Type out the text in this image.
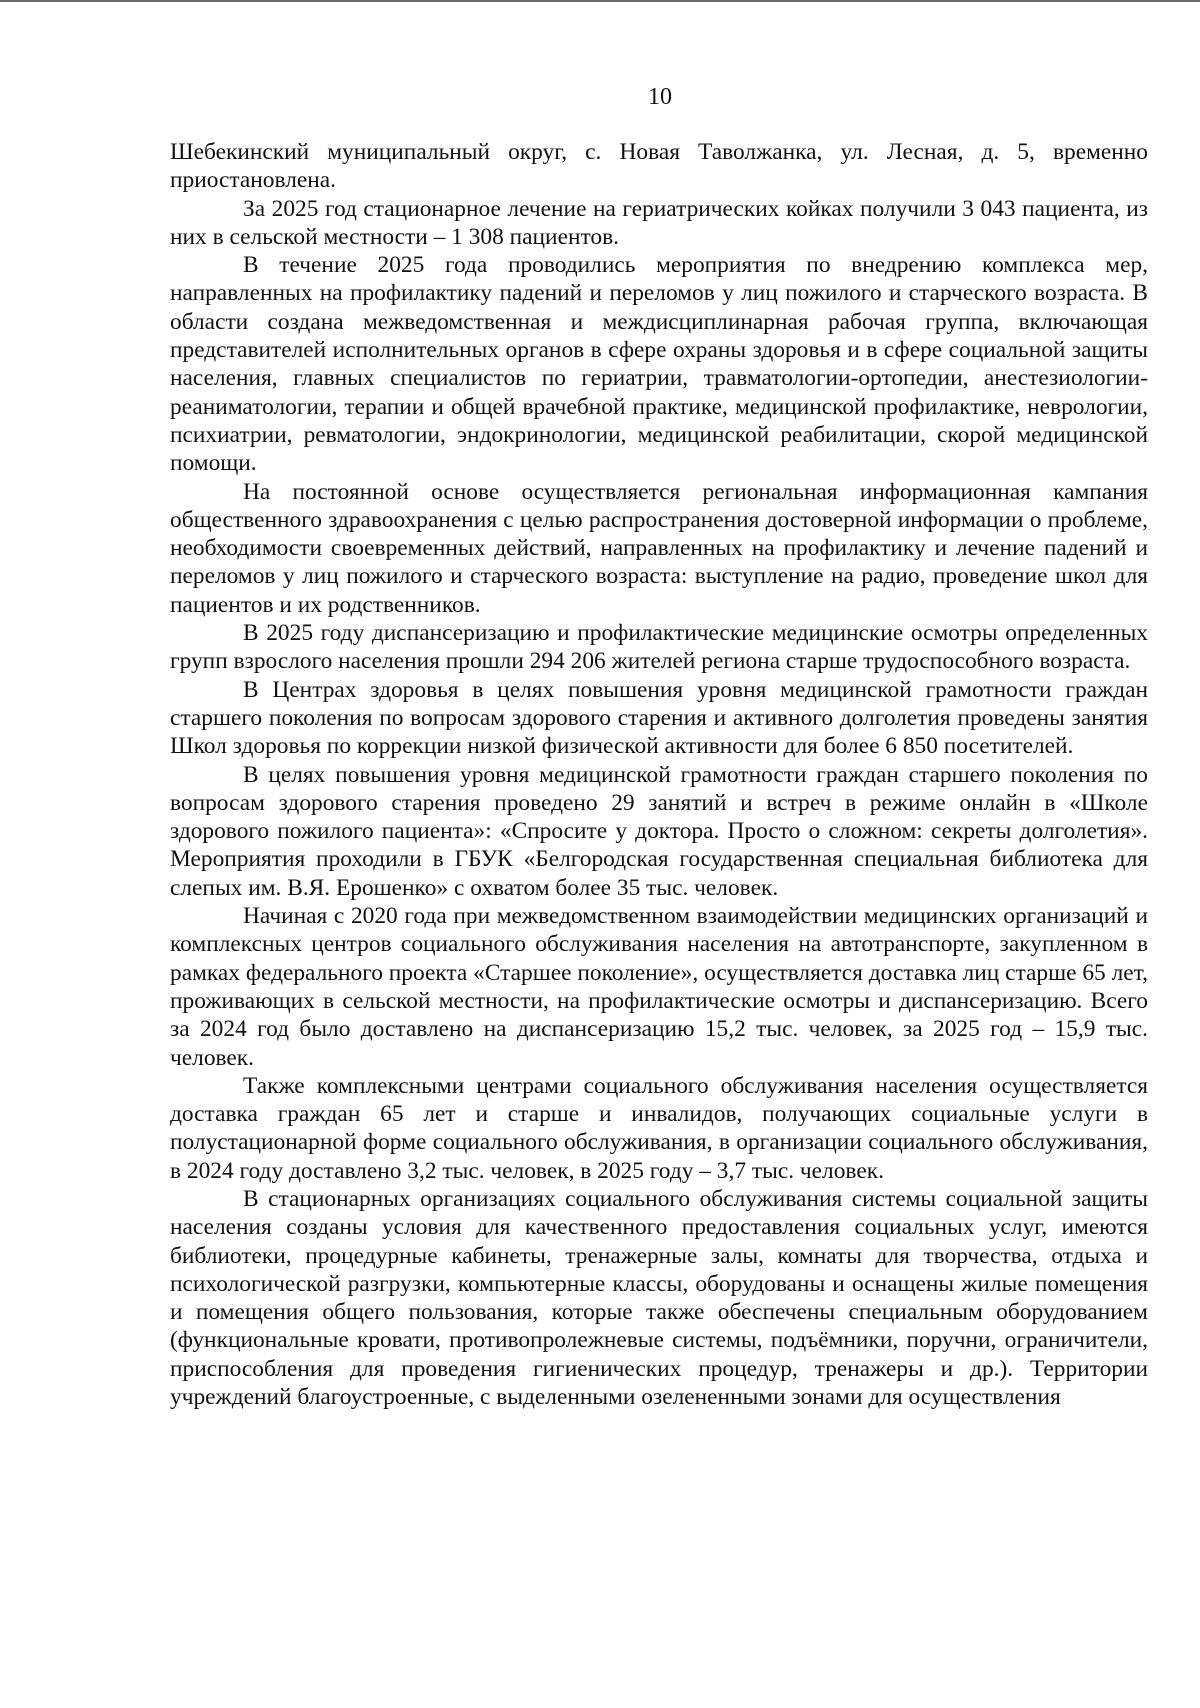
10

Шебекинский муниципальный округ, с. Новая Таволжанка, ул. Лесная, д. 5, временно приостановлена.

За 2025 год стационарное лечение на гериатрических койках получили 3 043 пациента, из них в сельской местности – 1 308 пациентов.

В течение 2025 года проводились мероприятия по внедрению комплекса мер, направленных на профилактику падений и переломов у лиц пожилого и старческого возраста. В области создана межведомственная и междисциплинарная рабочая группа, включающая представителей исполнительных органов в сфере охраны здоровья и в сфере социальной защиты населения, главных специалистов по гериатрии, травматологии-ортопедии, анестезиологии-реаниматологии, терапии и общей врачебной практике, медицинской профилактике, неврологии, психиатрии, ревматологии, эндокринологии, медицинской реабилитации, скорой медицинской помощи.

На постоянной основе осуществляется региональная информационная кампания общественного здравоохранения с целью распространения достоверной информации о проблеме, необходимости своевременных действий, направленных на профилактику и лечение падений и переломов у лиц пожилого и старческого возраста: выступление на радио, проведение школ для пациентов и их родственников.

В 2025 году диспансеризацию и профилактические медицинские осмотры определенных групп взрослого населения прошли 294 206 жителей региона старше трудоспособного возраста.

В Центрах здоровья в целях повышения уровня медицинской грамотности граждан старшего поколения по вопросам здорового старения и активного долголетия проведены занятия Школ здоровья по коррекции низкой физической активности для более 6 850 посетителей.

В целях повышения уровня медицинской грамотности граждан старшего поколения по вопросам здорового старения проведено 29 занятий и встреч в режиме онлайн в «Школе здорового пожилого пациента»: «Спросите у доктора. Просто о сложном: секреты долголетия». Мероприятия проходили в ГБУК «Белгородская государственная специальная библиотека для слепых им. В.Я. Ерошенко» с охватом более 35 тыс. человек.

Начиная с 2020 года при межведомственном взаимодействии медицинских организаций и комплексных центров социального обслуживания населения на автотранспорте, закупленном в рамках федерального проекта «Старшее поколение», осуществляется доставка лиц старше 65 лет, проживающих в сельской местности, на профилактические осмотры и диспансеризацию. Всего за 2024 год было доставлено на диспансеризацию 15,2 тыс. человек, за 2025 год – 15,9 тыс. человек.

Также комплексными центрами социального обслуживания населения осуществляется доставка граждан 65 лет и старше и инвалидов, получающих социальные услуги в полустационарной форме социального обслуживания, в организации социального обслуживания, в 2024 году доставлено 3,2 тыс. человек, в 2025 году – 3,7 тыс. человек.

В стационарных организациях социального обслуживания системы социальной защиты населения созданы условия для качественного предоставления социальных услуг, имеются библиотеки, процедурные кабинеты, тренажерные залы, комнаты для творчества, отдыха и психологической разгрузки, компьютерные классы, оборудованы и оснащены жилые помещения и помещения общего пользования, которые также обеспечены специальным оборудованием (функциональные кровати, противопролежневые системы, подъёмники, поручни, ограничители, приспособления для проведения гигиенических процедур, тренажеры и др.). Территории учреждений благоустроенные, с выделенными озелененными зонами для осуществления
